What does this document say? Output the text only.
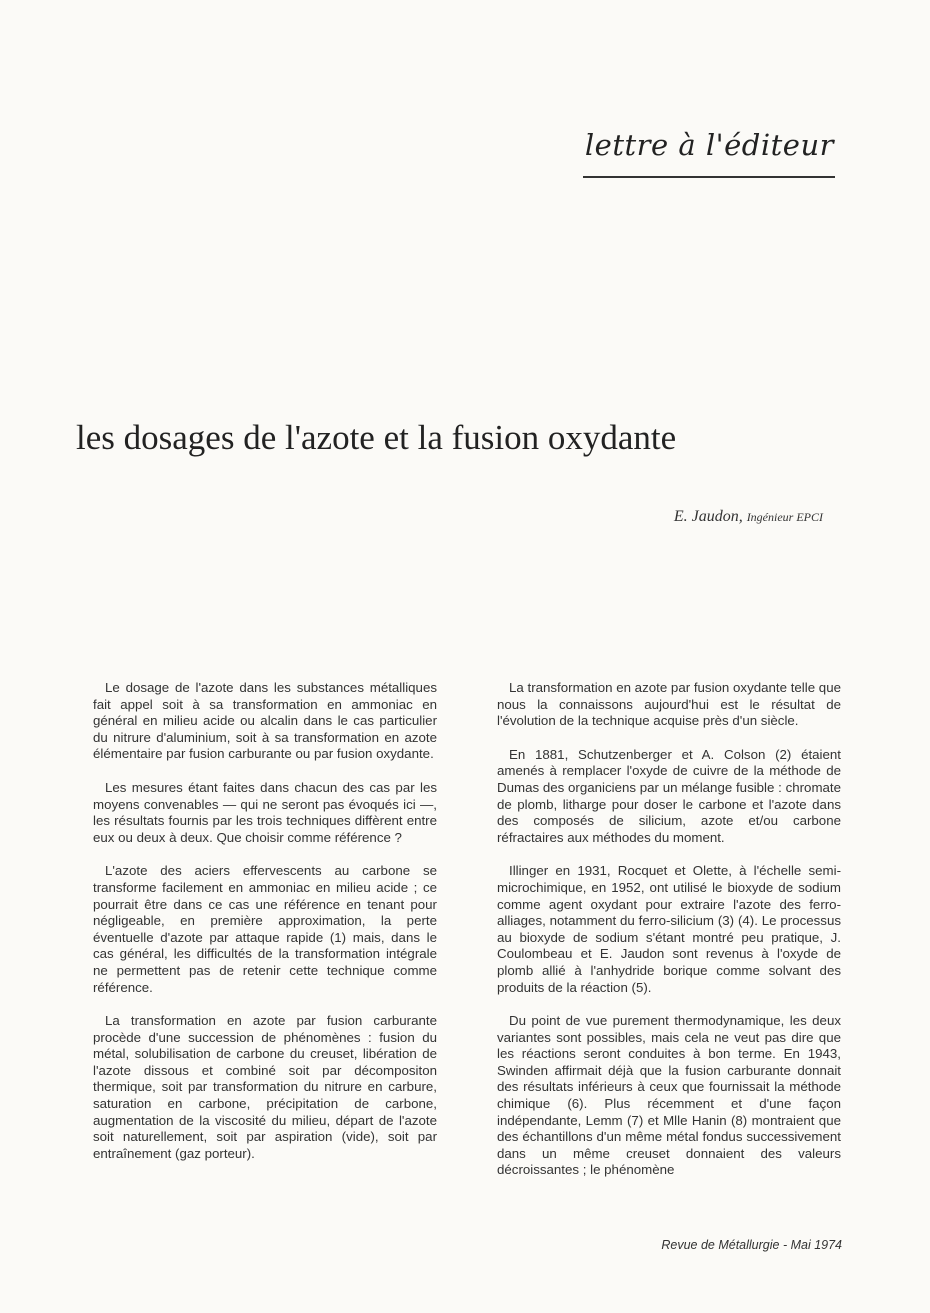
lettre à l'éditeur
les dosages de l'azote et la fusion oxydante
E. Jaudon, Ingénieur EPCI

Le dosage de l'azote dans les substances métalliques fait appel soit à sa transformation en ammoniac en général en milieu acide ou alcalin dans le cas particulier du nitrure d'aluminium, soit à sa transformation en azote élémentaire par fusion carburante ou par fusion oxydante.

Les mesures étant faites dans chacun des cas par les moyens convenables — qui ne seront pas évoqués ici —, les résultats fournis par les trois techniques diffèrent entre eux ou deux à deux. Que choisir comme référence ?

L'azote des aciers effervescents au carbone se transforme facilement en ammoniac en milieu acide ; ce pourrait être dans ce cas une référence en tenant pour négligeable, en première approximation, la perte éventuelle d'azote par attaque rapide (1) mais, dans le cas général, les difficultés de la transformation intégrale ne permettent pas de retenir cette technique comme référence.

La transformation en azote par fusion carburante procède d'une succession de phénomènes : fusion du métal, solubilisation de carbone du creuset, libération de l'azote dissous et combiné soit par décompositon thermique, soit par transformation du nitrure en carbure, saturation en carbone, précipitation de carbone, augmentation de la viscosité du milieu, départ de l'azote soit naturellement, soit par aspiration (vide), soit par entraînement (gaz porteur).

La transformation en azote par fusion oxydante telle que nous la connaissons aujourd'hui est le résultat de l'évolution de la technique acquise près d'un siècle.

En 1881, Schutzenberger et A. Colson (2) étaient amenés à remplacer l'oxyde de cuivre de la méthode de Dumas des organiciens par un mélange fusible : chromate de plomb, litharge pour doser le carbone et l'azote dans des composés de silicium, azote et/ou carbone réfractaires aux méthodes du moment.

Illinger en 1931, Rocquet et Olette, à l'échelle semi-microchimique, en 1952, ont utilisé le bioxyde de sodium comme agent oxydant pour extraire l'azote des ferro-alliages, notamment du ferro-silicium (3) (4). Le processus au bioxyde de sodium s'étant montré peu pratique, J. Coulombeau et E. Jaudon sont revenus à l'oxyde de plomb allié à l'anhydride borique comme solvant des produits de la réaction (5).

Du point de vue purement thermodynamique, les deux variantes sont possibles, mais cela ne veut pas dire que les réactions seront conduites à bon terme. En 1943, Swinden affirmait déjà que la fusion carburante donnait des résultats inférieurs à ceux que fournissait la méthode chimique (6). Plus récemment et d'une façon indépendante, Lemm (7) et Mlle Hanin (8) montraient que des échantillons d'un même métal fondus successivement dans un même creuset donnaient des valeurs décroissantes ; le phénomène

Revue de Métallurgie - Mai 1974
